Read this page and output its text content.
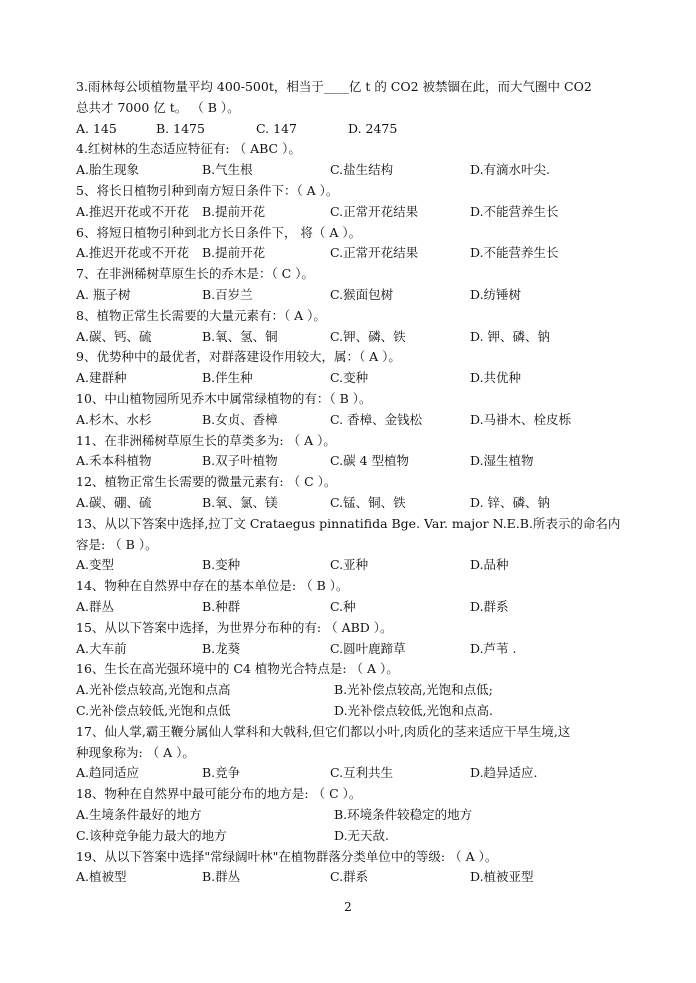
3.雨林每公顷植物量平均 400-500t，相当于____亿 t 的 CO2 被禁锢在此，而大气圈中 CO2
总共才 7000 亿 t。 （ B ）。
A. 145	B. 1475	C. 147	D. 2475
4.红树林的生态适应特征有: （ ABC ）。
A.胎生现象	B.气生根	C.盐生结构	D.有滴水叶尖.
5、将长日植物引种到南方短日条件下：（ A ）。
A.推迟开花或不开花 B.提前开花	C.正常开花结果	D.不能营养生长
6、将短日植物引种到北方长日条件下， 将（ A ）。
A.推迟开花或不开花 B.提前开花	C.正常开花结果	D.不能营养生长
7、在非洲稀树草原生长的乔木是：（ C ）。
A. 瓶子树	B.百岁兰	C.猴面包树	D.纺锤树
8、植物正常生长需要的大量元素有：（ A ）。
A.碳、钙、硫	B.氧、氢、铜	C.钾、磷、铁	D. 钾、磷、钠
9、优势种中的最优者，对群落建设作用较大，属：（ A ）。
A.建群种	B.伴生种	C.变种	D.共优种
10、中山植物园所见乔木中属常绿植物的有：（ B ）。
A.杉木、水杉	B.女贞、香樟	C. 香樟、金钱松	D.马褂木、栓皮栎
11、在非洲稀树草原生长的草类多为: （ A ）。
A.禾本科植物	B.双子叶植物	C.碳 4 型植物	D.湿生植物
12、植物正常生长需要的微量元素有: （ C ）。
A.碳、硼、硫	B.氧、氯、镁	C.锰、铜、铁	D. 锌、磷、钠
13、从以下答案中选择,拉丁文 Crataegus pinnatifida Bge. Var. major N.E.B.所表示的命名内
容是: （ B ）。
A.变型	B.变种	C.亚种	D.品种
14、物种在自然界中存在的基本单位是: （ B ）。
A.群丛	B.种群	C.种	D.群系
15、从以下答案中选择，为世界分布种的有: （ ABD ）。
A.大车前	B.龙葵	C.圆叶鹿蹄草	D.芦苇 .
16、生长在高光强环境中的 C4 植物光合特点是: （ A ）。
A.光补偿点较高,光饱和点高	B.光补偿点较高,光饱和点低;
C.光补偿点较低,光饱和点低	D.光补偿点较低,光饱和点高.
17、仙人掌,霸王鞭分属仙人掌科和大戟科,但它们都以小叶,肉质化的茎来适应干旱生境,这
种现象称为: （ A ）。
A.趋同适应	B.竞争	C.互利共生	D.趋异适应.
18、物种在自然界中最可能分布的地方是: （ C ）。
A.生境条件最好的地方	B.环境条件较稳定的地方
C.该种竞争能力最大的地方	D.无天敌.
19、从以下答案中选择"常绿阔叶林"在植物群落分类单位中的等级: （ A ）。
A.植被型	B.群丛	C.群系	D.植被亚型
2
